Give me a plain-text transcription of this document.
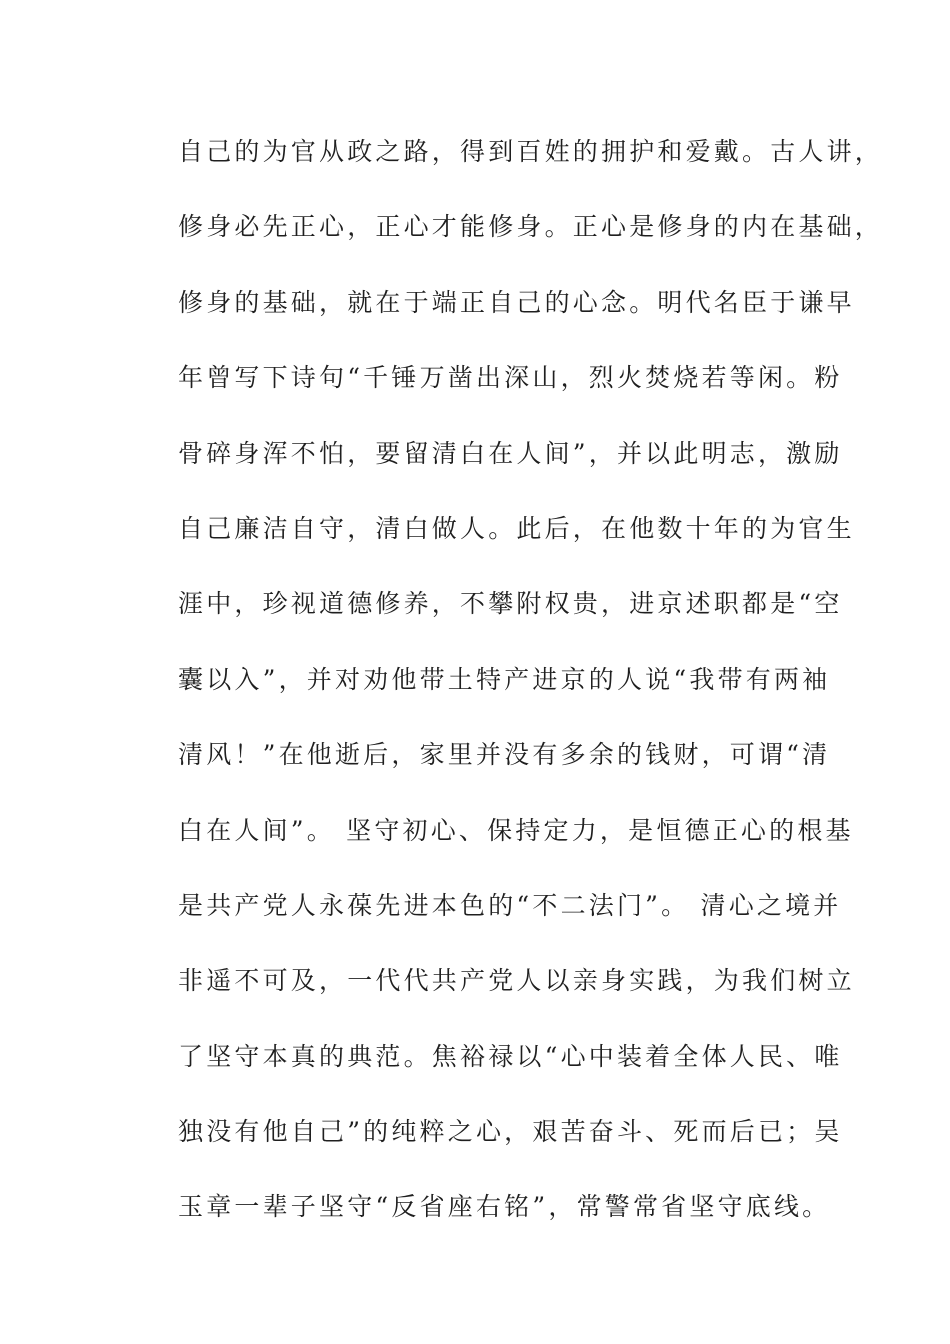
自己的为官从政之路，得到百姓的拥护和爱戴。古人讲，
修身必先正心，正心才能修身。正心是修身的内在基础，
修身的基础，就在于端正自己的心念。明代名臣于谦早
年曾写下诗句“千锤万凿出深山，烈火焚烧若等闲。粉
骨碎身浑不怕，要留清白在人间”，并以此明志，激励
自己廉洁自守，清白做人。此后，在他数十年的为官生
涯中，珍视道德修养，不攀附权贵，进京述职都是“空
囊以入”，并对劝他带土特产进京的人说“我带有两袖
清风！”在他逝后，家里并没有多余的钱财，可谓“清
白在人间”。 坚守初心、保持定力，是恒德正心的根基
是共产党人永葆先进本色的“不二法门”。 清心之境并
非遥不可及，一代代共产党人以亲身实践，为我们树立
了坚守本真的典范。焦裕禄以“心中装着全体人民、唯
独没有他自己”的纯粹之心，艰苦奋斗、死而后已；吴
玉章一辈子坚守“反省座右铭”，常警常省坚守底线。
